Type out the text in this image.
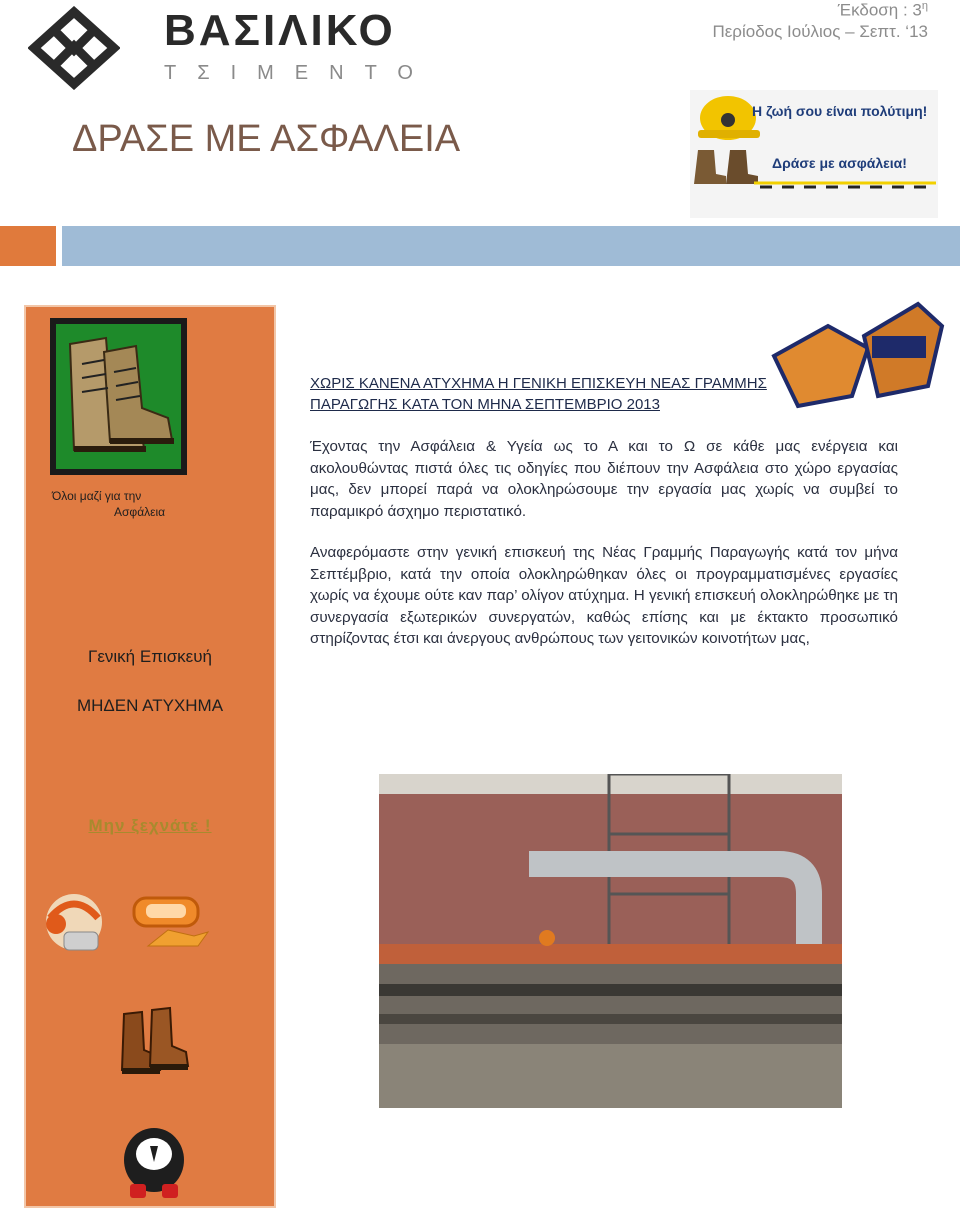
ΒΑΣΙΛΙΚΟ
ΤΣΙΜΕΝΤΟ
Έκδοση : $3^\eta$
Περίοδος Ιούλιος – Σεπτ. ‘13
ΔΡΑΣΕ ΜΕ ΑΣΦΑΛΕΙΑ
Η ζωή σου είναι πολύτιμη!
Δράσε με ασφάλεια!
Όλοι μαζί για την
Ασφάλεια
Γενική Επισκευή
ΜΗΔΕΝ ΑΤΥΧΗΜΑ
Μην ξεχνάτε !
ΧΩΡΙΣ ΚΑΝΕΝΑ ΑΤΥΧΗΜΑ Η ΓΕΝΙΚΗ ΕΠΙΣΚΕΥΗ ΝΕΑΣ ΓΡΑΜΜΗΣ ΠΑΡΑΓΩΓΗΣ ΚΑΤΑ ΤΟΝ ΜΗΝΑ ΣΕΠΤΕΜΒΡΙΟ 2013
Έχοντας την Ασφάλεια & Υγεία ως το Α και το Ω σε κάθε μας ενέργεια και ακολουθώντας πιστά όλες τις οδηγίες που διέπουν την Ασφάλεια στο χώρο εργασίας μας, δεν μπορεί παρά να ολοκληρώσουμε την εργασία μας χωρίς να συμβεί το παραμικρό άσχημο περιστατικό.
Αναφερόμαστε στην γενική επισκευή της Νέας Γραμμής Παραγωγής κατά τον μήνα Σεπτέμβριο, κατά την οποία ολοκληρώθηκαν όλες οι προγραμματισμένες εργασίες χωρίς να έχουμε ούτε καν παρ’ ολίγον ατύχημα. Η γενική επισκευή ολοκληρώθηκε με τη συνεργασία εξωτερικών συνεργατών, καθώς επίσης και με έκτακτο προσωπικό στηρίζοντας έτσι και άνεργους ανθρώπους των γειτονικών κοινοτήτων μας,
